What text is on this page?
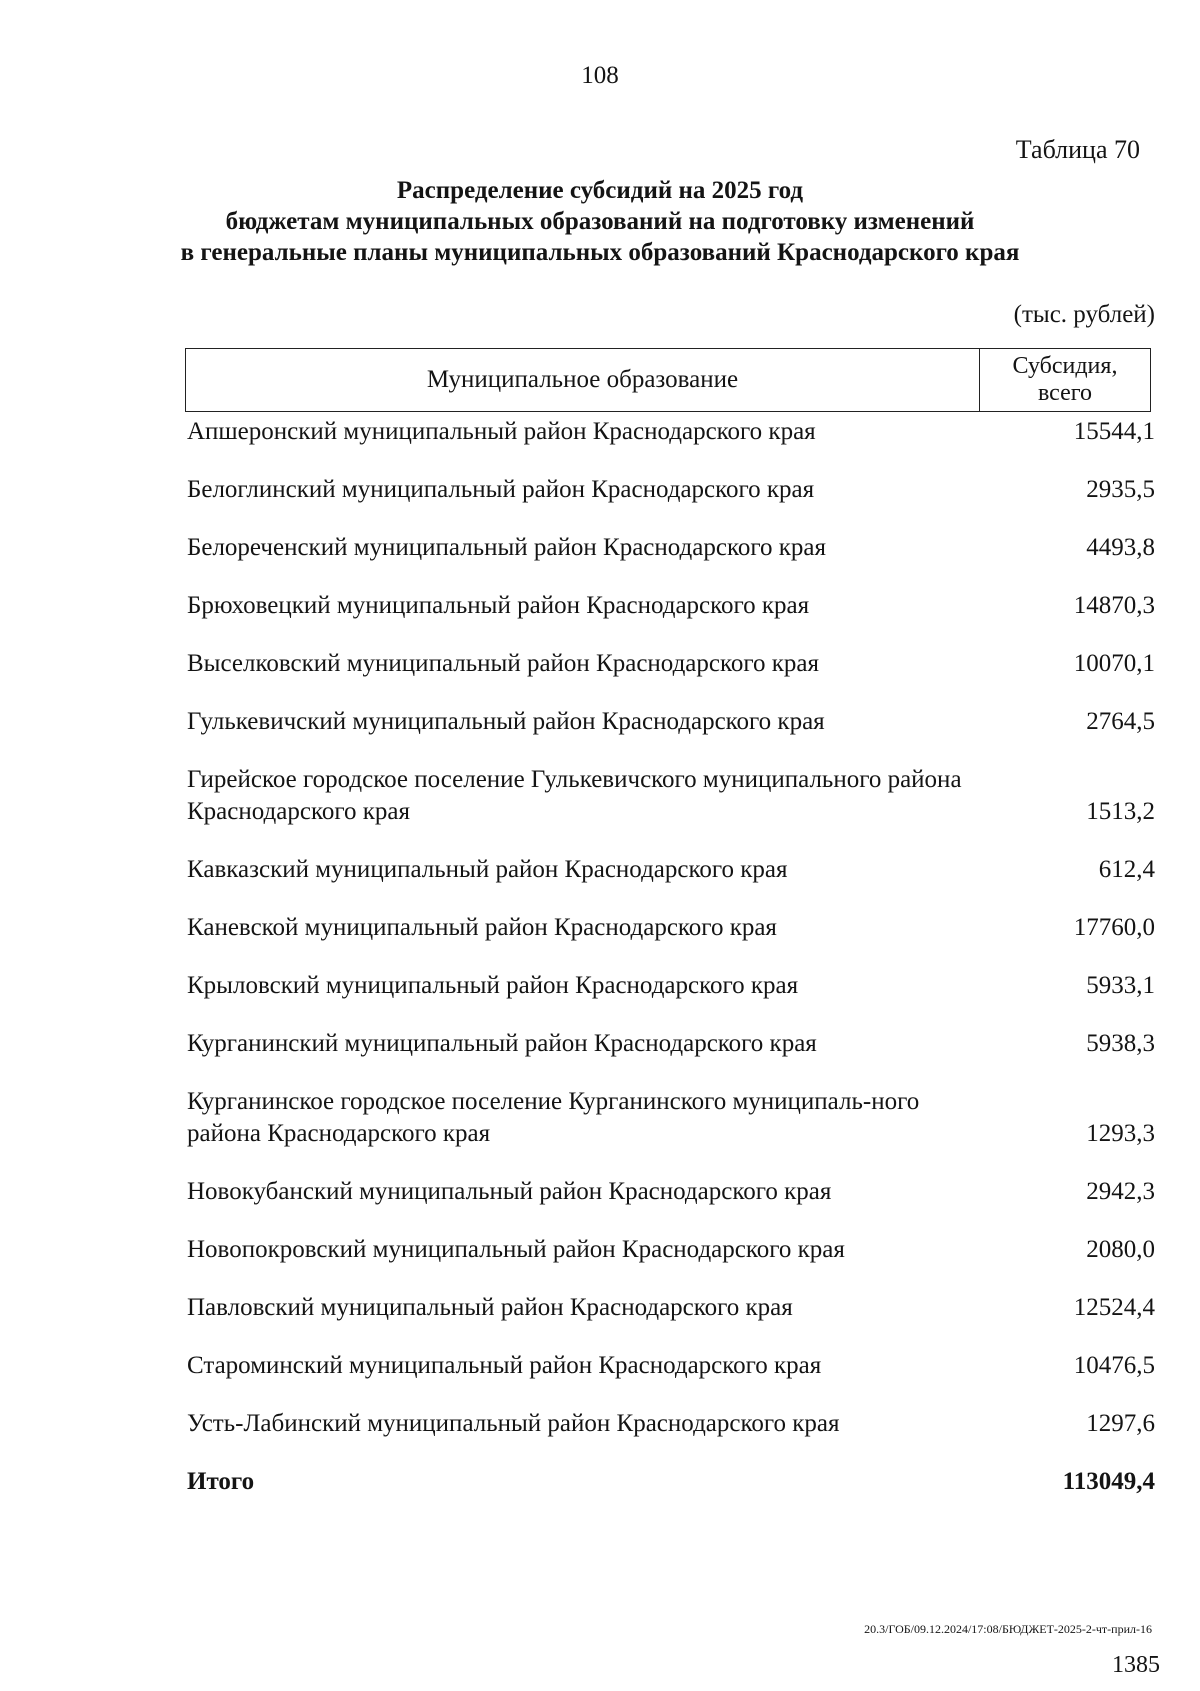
108
Таблица 70
Распределение субсидий на 2025 год
бюджетам муниципальных образований на подготовку изменений
в генеральные планы муниципальных образований Краснодарского края
(тыс. рублей)
Муниципальное образование	Субсидия,
всего
Апшеронский муниципальный район Краснодарского края	15544,1
Белоглинский муниципальный район Краснодарского края	2935,5
Белореченский муниципальный район Краснодарского края	4493,8
Брюховецкий муниципальный район Краснодарского края	14870,3
Выселковский муниципальный район Краснодарского края	10070,1
Гулькевичский муниципальный район Краснодарского края	2764,5
Гирейское городское поселение Гулькевичского муниципального района Краснодарского края	1513,2
Кавказский муниципальный район Краснодарского края	612,4
Каневской муниципальный район Краснодарского края	17760,0
Крыловский муниципальный район Краснодарского края	5933,1
Курганинский муниципальный район Краснодарского края	5938,3
Курганинское городское поселение Курганинского муниципаль-ного района Краснодарского края	1293,3
Новокубанский муниципальный район Краснодарского края	2942,3
Новопокровский муниципальный район Краснодарского края	2080,0
Павловский муниципальный район Краснодарского края	12524,4
Староминский муниципальный район Краснодарского края	10476,5
Усть-Лабинский муниципальный район Краснодарского края	1297,6
Итого	113049,4
20.3/ГОБ/09.12.2024/17:08/БЮДЖЕТ-2025-2-чт-прил-16
1385
